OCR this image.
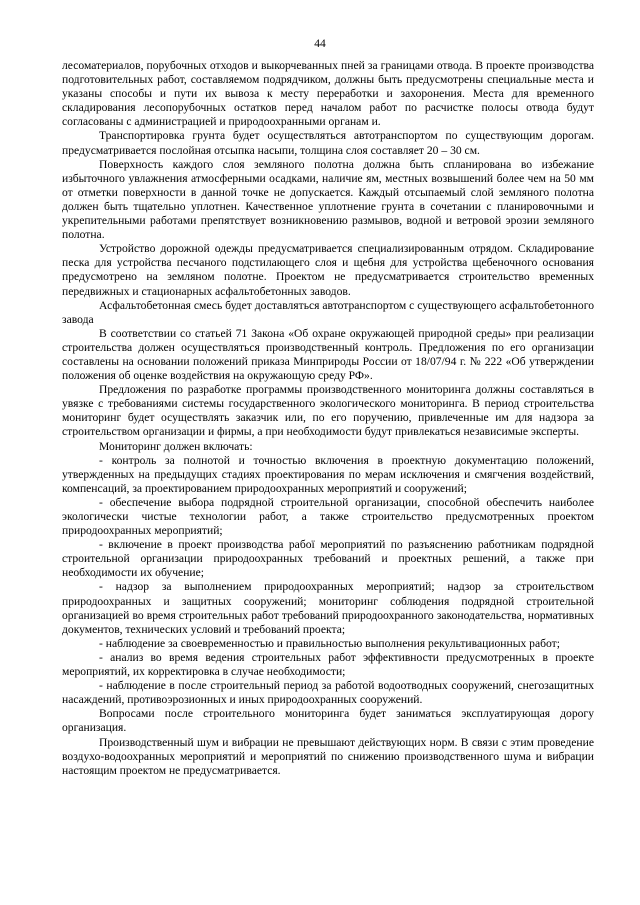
44

лесоматериалов, порубочных отходов и выкорчеванных пней за границами отвода. В проекте производства подготовительных работ, составляемом подрядчиком, должны быть предусмотрены специальные места и указаны способы и пути их вывоза к месту переработки и захоронения. Места для временного складирования лесопорубочных остатков перед началом работ по расчистке полосы отвода будут согласованы с администрацией и природоохранными органам и.

Транспортировка грунта будет осуществляться автотранспортом по существующим дорогам. предусматривается послойная отсыпка насыпи, толщина слоя составляет 20 – 30 см.

Поверхность каждого слоя земляного полотна должна быть спланирована во избежание избыточного увлажнения атмосферными осадками, наличие ям, местных возвышений более чем на 50 мм от отметки поверхности в данной точке не допускается. Каждый отсыпаемый слой земляного полотна должен быть тщательно уплотнен. Качественное уплотнение грунта в сочетании с планировочными и укрепительными работами препятствует возникновению размывов, водной и ветровой эрозии земляного полотна.

Устройство дорожной одежды предусматривается специализированным отрядом. Складирование песка для устройства песчаного подстилающего слоя и щебня для устройства щебеночного основания предусмотрено на земляном полотне. Проектом не предусматривается строительство временных передвижных и стационарных асфальтобетонных заводов.

Асфальтобетонная смесь будет доставляться автотранспортом с существующего асфальтобетонного завода

В соответствии со статьей 71 Закона «Об охране окружающей природной среды» при реализации строительства должен осуществляться производственный контроль. Предложения по его организации составлены на основании положений приказа Минприроды России от 18/07/94 г. № 222 «Об утверждении положения об оценке воздействия на окружающую среду РФ».

Предложения по разработке программы производственного мониторинга должны составляться в увязке с требованиями системы государственного экологического мониторинга. В период строительства мониторинг будет осуществлять заказчик или, по его поручению, привлеченные им для надзора за строительством организации и фирмы, а при необходимости будут привлекаться независимые эксперты.

Мониторинг должен включать:

- контроль за полнотой и точностью включения в проектную документацию положений, утвержденных на предыдущих стадиях проектирования по мерам исключения и смягчения воздействий, компенсаций, за проектированием природоохранных мероприятий и сооружений;

- обеспечение выбора подрядной строительной организации, способной обеспечить наиболее экологически чистые технологии работ, а также строительство предусмотренных проектом природоохранных мероприятий;

- включение в проект производства рабої мероприятий по разъяснению работникам подрядной строительной организации природоохранных требований и проектных решений, а также при необходимости их обучение;

- надзор за выполнением природоохранных мероприятий; надзор за строительством природоохранных и защитных сооружений; мониторинг соблюдения подрядной строительной организацией во время строительных работ требований природоохранного законодательства, нормативных документов, технических условий и требований проекта;

- наблюдение за своевременностью и правильностью выполнения рекультивационных работ;

- анализ во время ведения строительных работ эффективности предусмотренных в проекте мероприятий, их корректировка в случае необходимости;

- наблюдение в после строительный период за работой водоотводных сооружений, снегозащитных насаждений, противоэрозионных и иных природоохранных сооружений.

Вопросами после строительного мониторинга будет заниматься эксплуатирующая дорогу организация.

Производственный шум и вибрации не превышают действующих норм. В связи с этим проведение воздухо-водоохранных мероприятий и мероприятий по снижению производственного шума и вибрации настоящим проектом не предусматривается.
